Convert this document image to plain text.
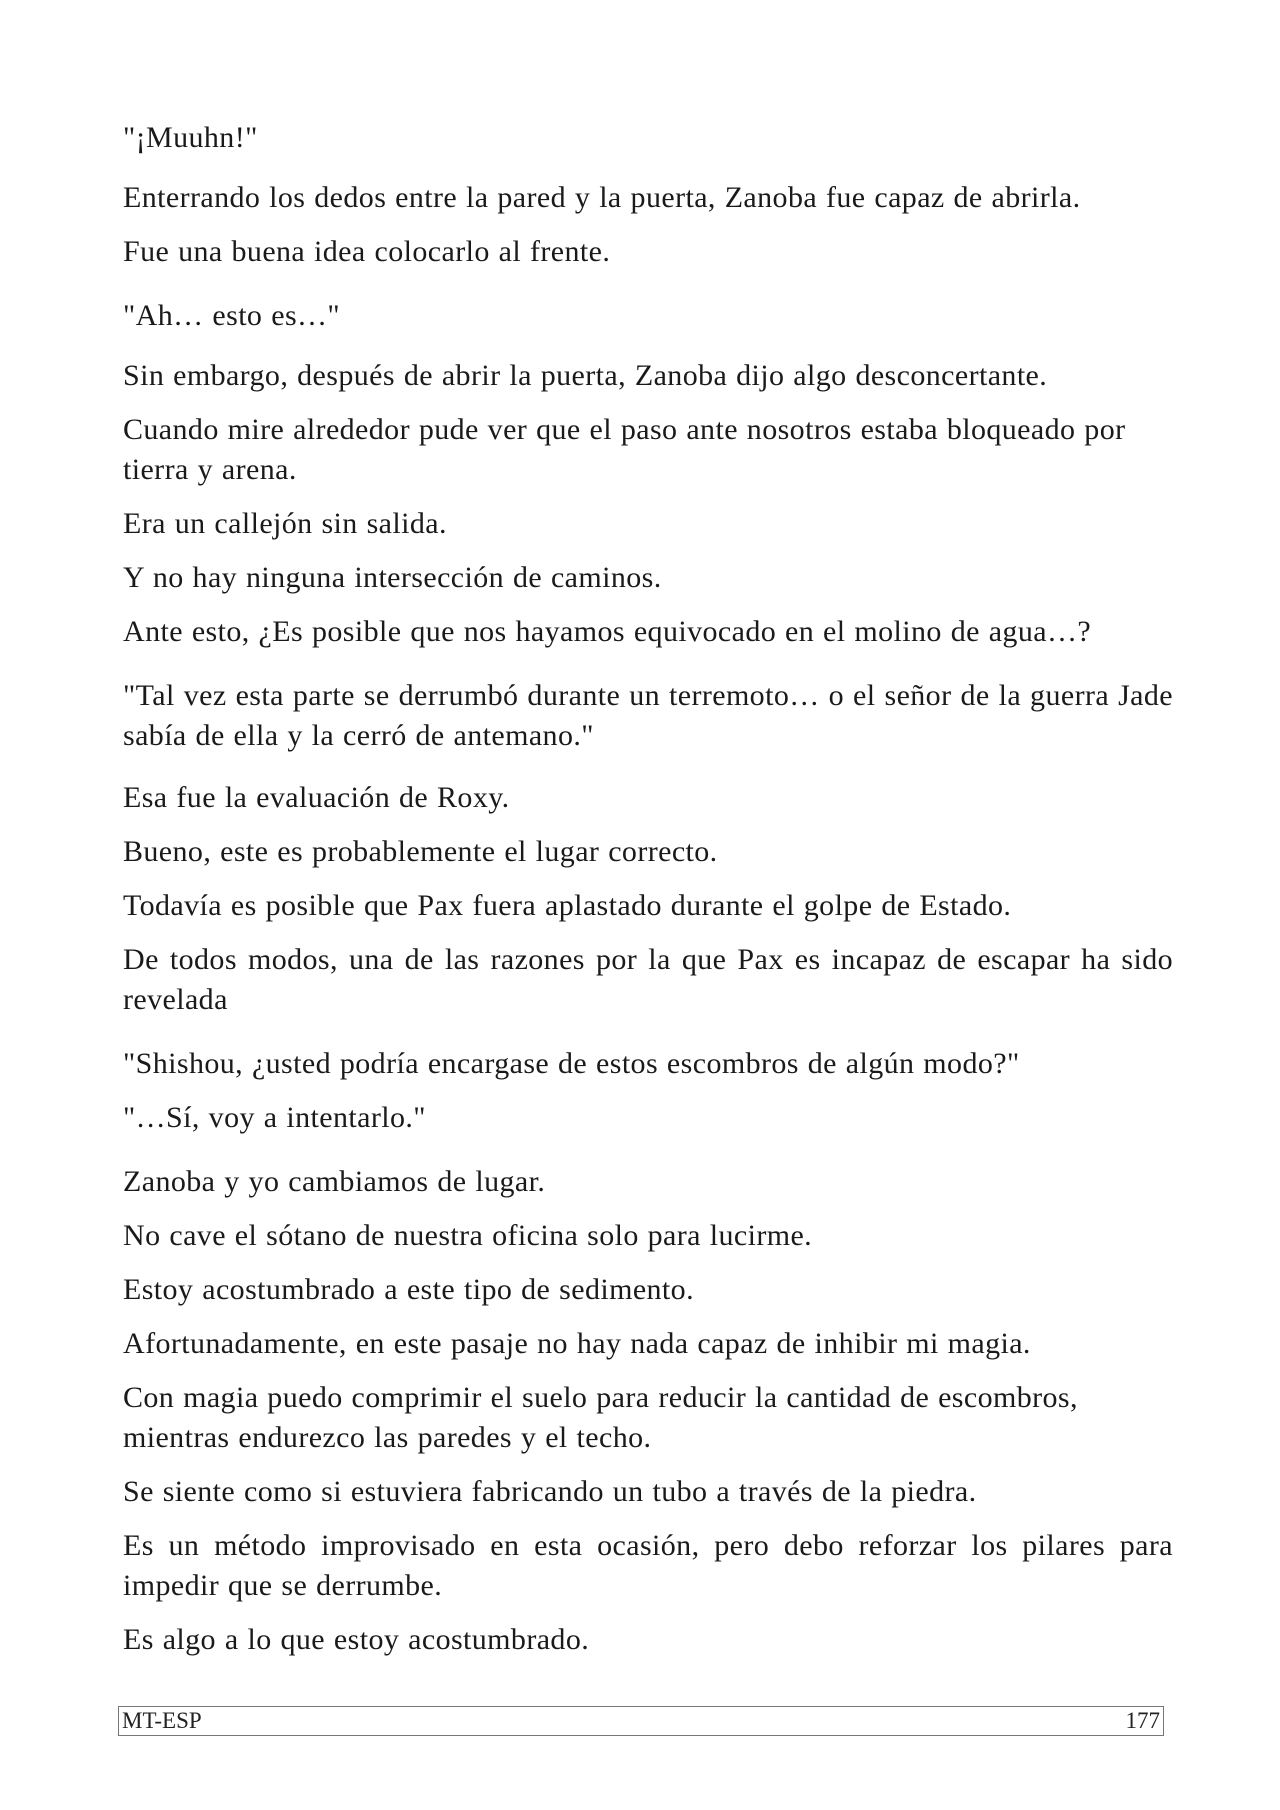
"¡Muuhn!"

Enterrando los dedos entre la pared y la puerta, Zanoba fue capaz de abrirla.

Fue una buena idea colocarlo al frente.

"Ah… esto es…"

Sin embargo, después de abrir la puerta, Zanoba dijo algo desconcertante.

Cuando mire alrededor pude ver que el paso ante nosotros estaba bloqueado por tierra y arena.

Era un callejón sin salida.

Y no hay ninguna intersección de caminos.

Ante esto, ¿Es posible que nos hayamos equivocado en el molino de agua…?

"Tal vez esta parte se derrumbó durante un terremoto… o el señor de la guerra Jade sabía de ella y la cerró de antemano."

Esa fue la evaluación de Roxy.

Bueno, este es probablemente el lugar correcto.

Todavía es posible que Pax fuera aplastado durante el golpe de Estado.

De todos modos, una de las razones por la que Pax es incapaz de escapar ha sido revelada

"Shishou, ¿usted podría encargase de estos escombros de algún modo?"

"…Sí, voy a intentarlo."

Zanoba y yo cambiamos de lugar.

No cave el sótano de nuestra oficina solo para lucirme.

Estoy acostumbrado a este tipo de sedimento.

Afortunadamente, en este pasaje no hay nada capaz de inhibir mi magia.

Con magia puedo comprimir el suelo para reducir la cantidad de escombros, mientras endurezco las paredes y el techo.

Se siente como si estuviera fabricando un tubo a través de la piedra.

Es un método improvisado en esta ocasión, pero debo reforzar los pilares para impedir que se derrumbe.

Es algo a lo que estoy acostumbrado.

MT-ESP	177
